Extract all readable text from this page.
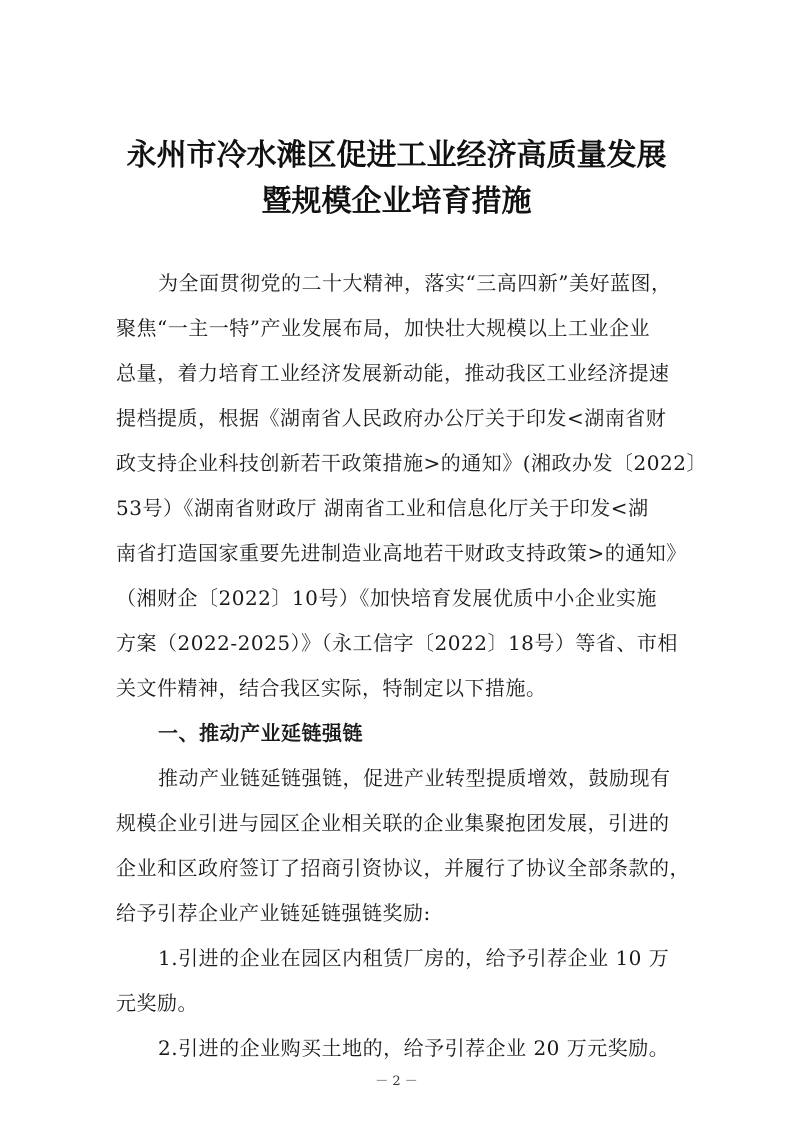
永州市冷水滩区促进工业经济高质量发展
暨规模企业培育措施
为全面贯彻党的二十大精神，落实“三高四新”美好蓝图，
聚焦“一主一特”产业发展布局，加快壮大规模以上工业企业
总量，着力培育工业经济发展新动能，推动我区工业经济提速
提档提质，根据《湖南省人民政府办公厅关于印发<湖南省财
政支持企业科技创新若干政策措施>的通知》(湘政办发〔2022〕
53号）《湖南省财政厅 湖南省工业和信息化厅关于印发<湖
南省打造国家重要先进制造业高地若干财政支持政策>的通知》
（湘财企〔2022〕10号）《加快培育发展优质中小企业实施
方案（2022-2025）》（永工信字〔2022〕18号）等省、市相
关文件精神，结合我区实际，特制定以下措施。
一、推动产业延链强链
推动产业链延链强链，促进产业转型提质增效，鼓励现有
规模企业引进与园区企业相关联的企业集聚抱团发展，引进的
企业和区政府签订了招商引资协议，并履行了协议全部条款的，
给予引荐企业产业链延链强链奖励:
1.引进的企业在园区内租赁厂房的，给予引荐企业 10 万
元奖励。
2.引进的企业购买土地的，给予引荐企业 20 万元奖励。
－ 2 －
